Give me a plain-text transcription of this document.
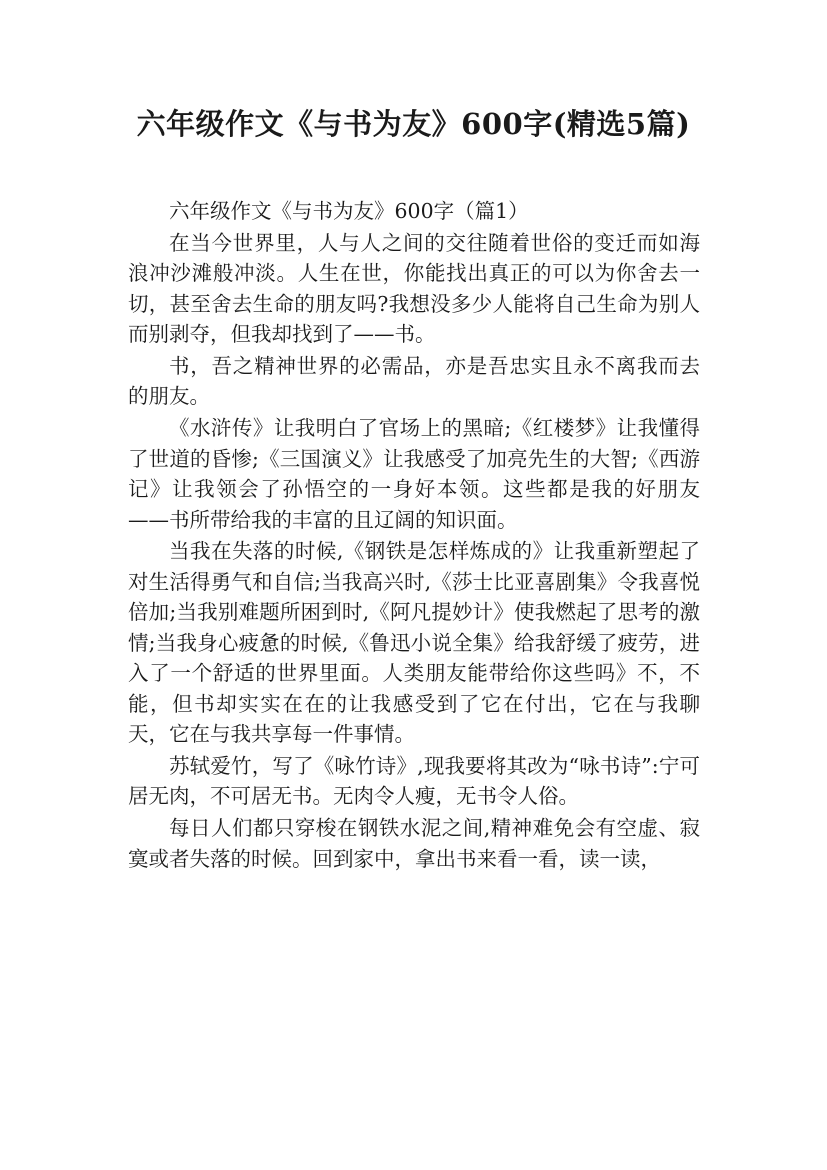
六年级作文《与书为友》600字(精选5篇)

六年级作文《与书为友》600字（篇1）

在当今世界里，人与人之间的交往随着世俗的变迁而如海浪冲沙滩般冲淡。人生在世，你能找出真正的可以为你舍去一切，甚至舍去生命的朋友吗?我想没多少人能将自己生命为别人而别剥夺，但我却找到了——书。

书，吾之精神世界的必需品，亦是吾忠实且永不离我而去的朋友。

《水浒传》让我明白了官场上的黑暗;《红楼梦》让我懂得了世道的昏惨;《三国演义》让我感受了加亮先生的大智;《西游记》让我领会了孙悟空的一身好本领。这些都是我的好朋友——书所带给我的丰富的且辽阔的知识面。

当我在失落的时候,《钢铁是怎样炼成的》让我重新塑起了对生活得勇气和自信;当我高兴时,《莎士比亚喜剧集》令我喜悦倍加;当我别难题所困到时,《阿凡提妙计》使我燃起了思考的激情;当我身心疲惫的时候,《鲁迅小说全集》给我舒缓了疲劳，进入了一个舒适的世界里面。人类朋友能带给你这些吗》不，不能，但书却实实在在的让我感受到了它在付出，它在与我聊天，它在与我共享每一件事情。

苏轼爱竹，写了《咏竹诗》,现我要将其改为“咏书诗”:宁可居无肉，不可居无书。无肉令人瘦，无书令人俗。

每日人们都只穿梭在钢铁水泥之间,精神难免会有空虚、寂寞或者失落的时候。回到家中，拿出书来看一看，读一读，
